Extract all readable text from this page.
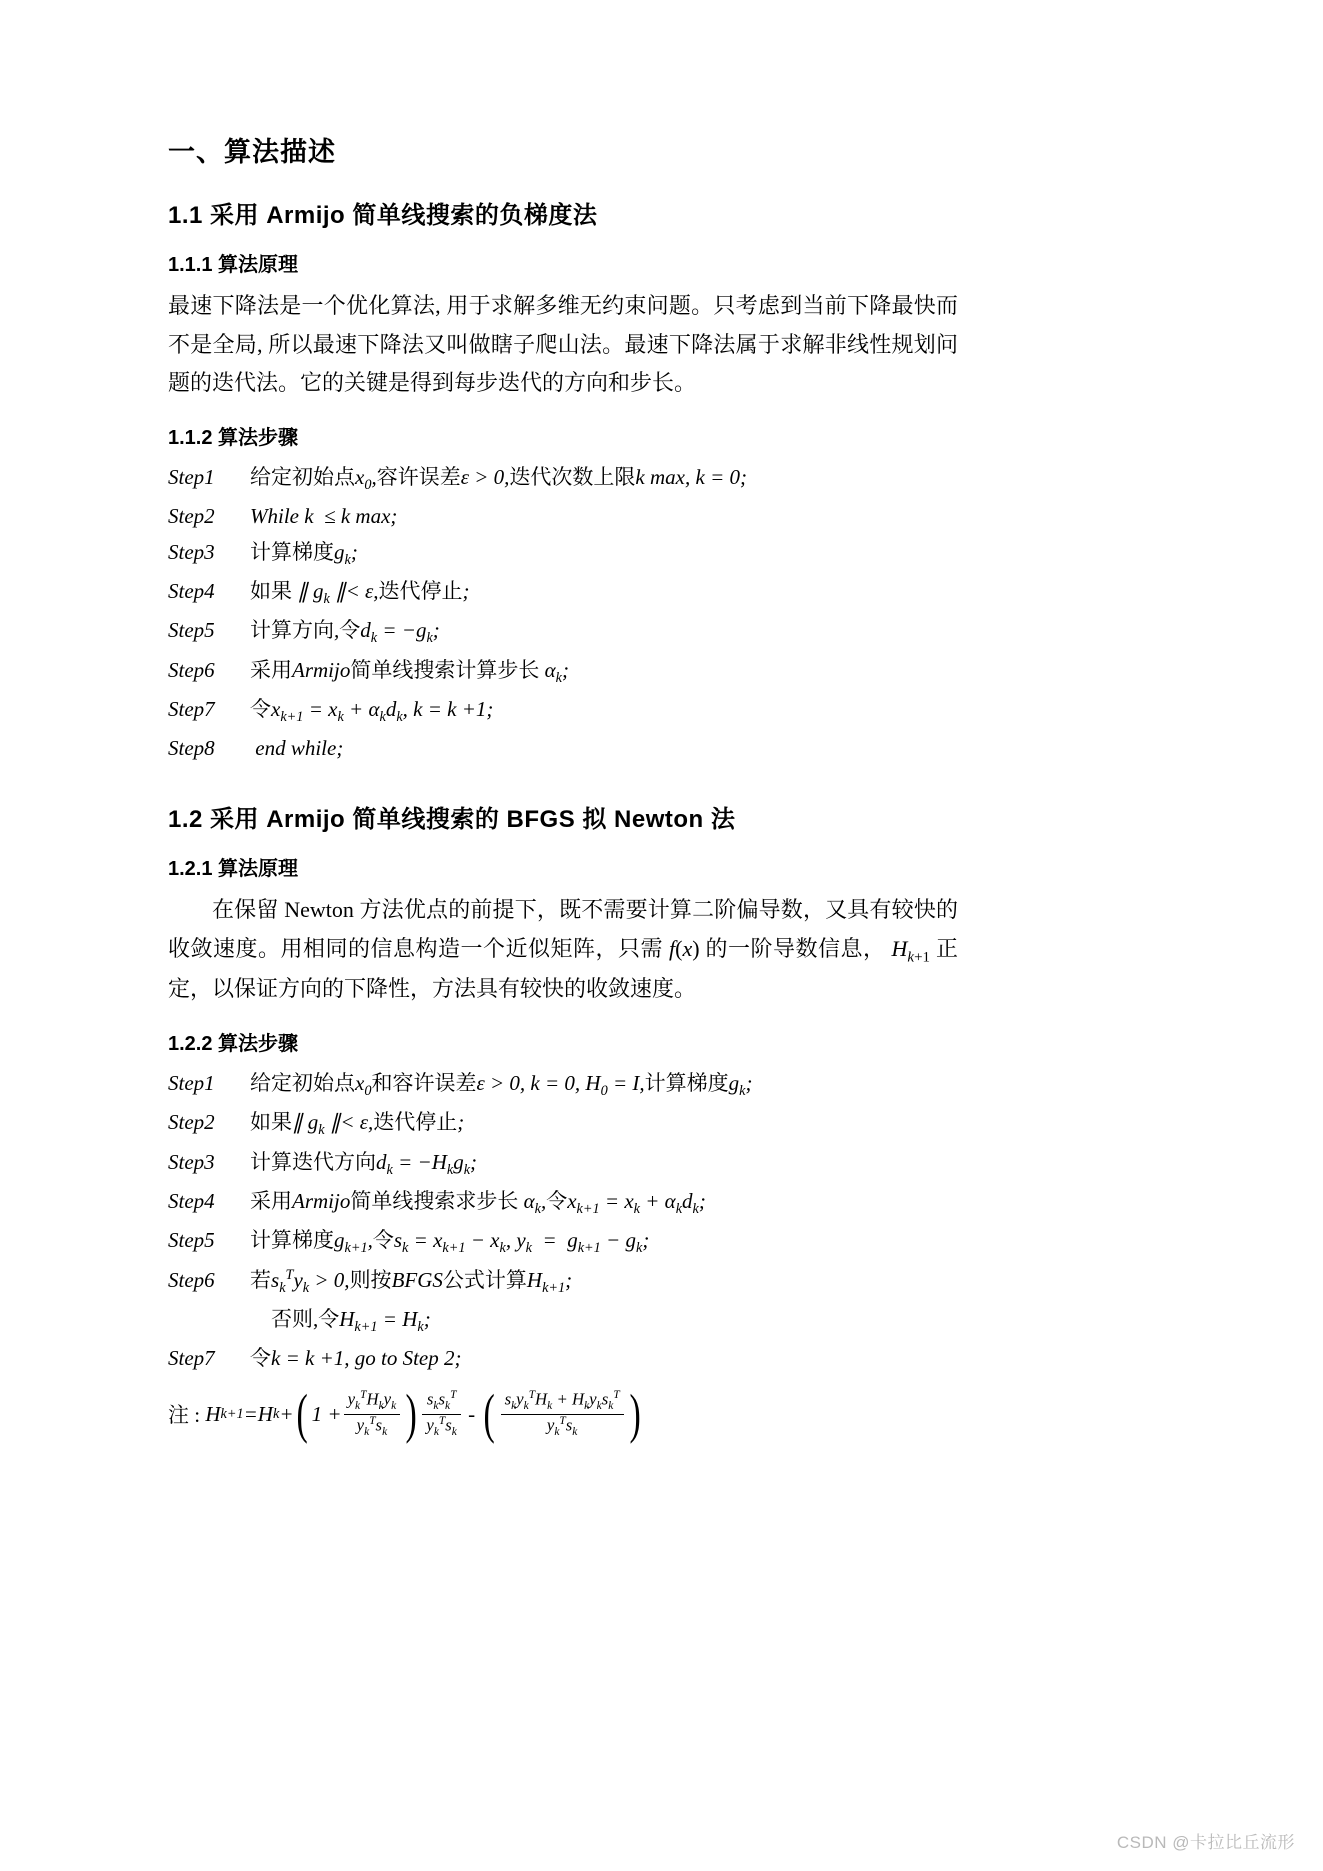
一、算法描述
1.1 采用 Armijo 简单线搜索的负梯度法
1.1.1 算法原理

最速下降法是一个优化算法, 用于求解多维无约束问题。只考虑到当前下降最快而不是全局, 所以最速下降法又叫做瞎子爬山法。最速下降法属于求解非线性规划问题的迭代法。它的关键是得到每步迭代的方向和步长。

1.1.2 算法步骤
Step1	给定初始点$x_0$,容许误差ε > 0,迭代次数上限k max, k = 0;
Step2	While k  ≤ k max;
Step3	计算梯度$g_k$;
Step4	如果 ∥ $g_k$ ∥< ε,迭代停止;
Step5	计算方向,令$d_k = -g_k$;
Step6	采用Armijo简单线搜索计算步长 $\alpha_k$;
Step7	令$x_{k+1} = x_k + \alpha_kd_k$, k = k +1;
Step8	end while;
1.2 采用 Armijo 简单线搜索的 BFGS 拟 Newton 法
1.2.1 算法原理

在保留 Newton 方法优点的前提下，既不需要计算二阶偏导数，又具有较快的收敛速度。用相同的信息构造一个近似矩阵，只需 f(x) 的一阶导数信息， $H_{k+1}$ 正定，以保证方向的下降性，方法具有较快的收敛速度。

1.2.2 算法步骤
Step1	给定初始点$x_0$和容许误差ε > 0, k = 0, $H_0 = I$,计算梯度$g_k$;
Step2	如果∥ $g_k$ ∥< ε,迭代停止;
Step3	计算迭代方向$d_k = -H_kg_k$;
Step4	采用Armijo简单线搜索求步长 $\alpha_k$,令$x_{k+1} = x_k + \alpha_kd_k$;
Step5	计算梯度$g_{k+1}$,令$s_k = x_{k+1} - x_k$, $y_k = g_{k+1} - g_k$;
Step6	若$s_k^Ty_k > 0$,则按BFGS公式计算$H_{k+1}$;
否则,令$H_{k+1} = H_k$;
Step7	令k = k +1, go to Step 2;
注 :
H k+1 = H k + ( $1 + \frac{y_k^TH_ky_k}{y_k^Ts_k}$ ) $\frac{s_ks_k^T}{y_k^Ts_k}$ - ( $\frac{s_ky_k^TH_k + H_ky_ks_k^T}{y_k^Ts_k}$ )
CSDN @卡拉比丘流形
